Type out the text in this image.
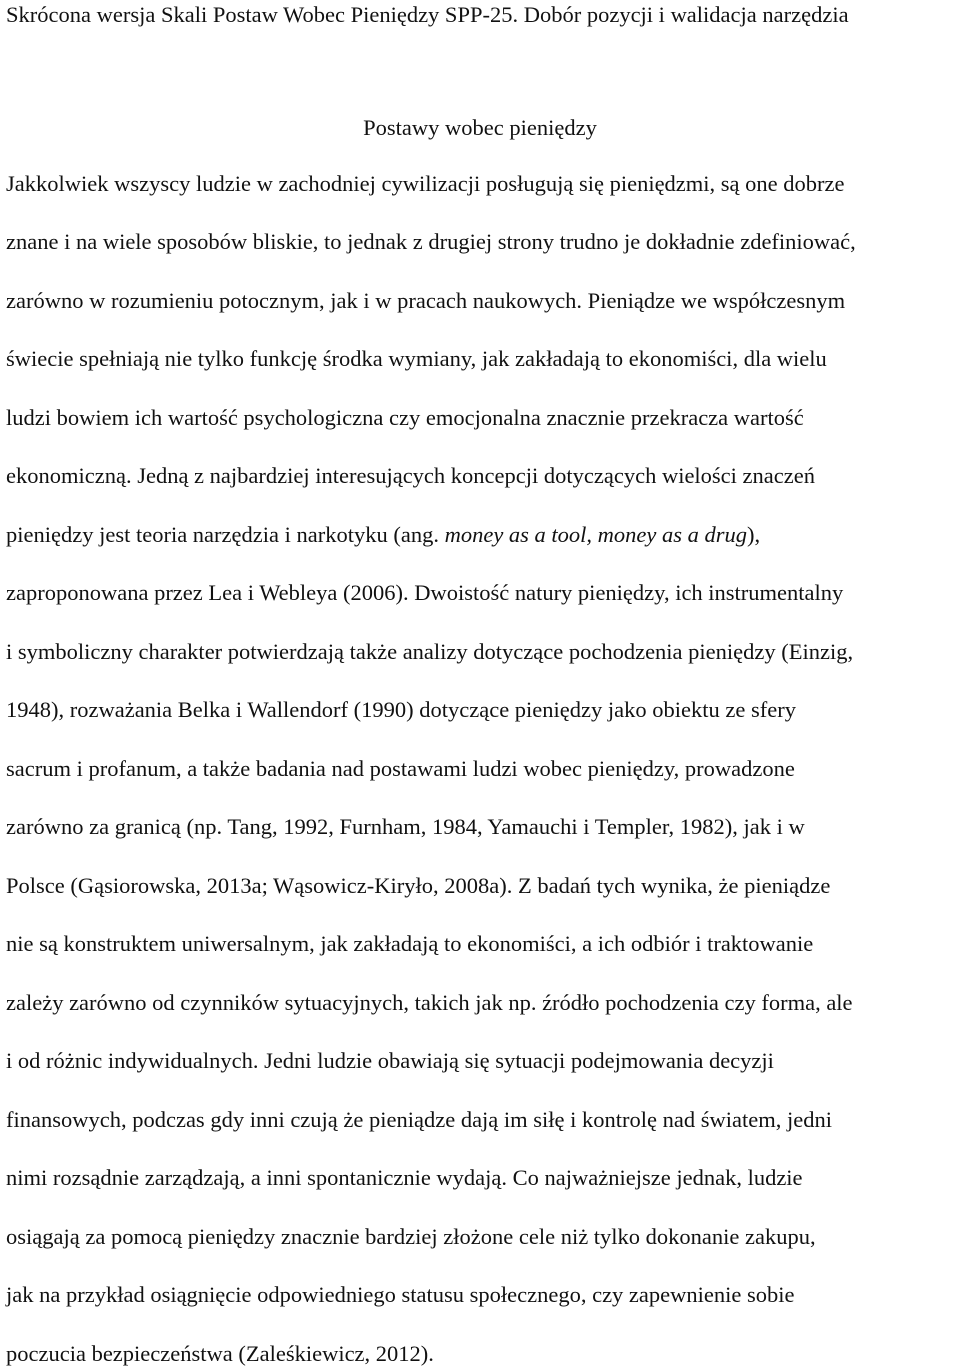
Skrócona wersja Skali Postaw Wobec Pieniędzy SPP-25. Dobór pozycji i walidacja narzędzia
Postawy wobec pieniędzy
Jakkolwiek wszyscy ludzie w zachodniej cywilizacji posługują się pieniędzmi, są one dobrze
znane i na wiele sposobów bliskie, to jednak z drugiej strony trudno je dokładnie zdefiniować,
zarówno w rozumieniu potocznym, jak i w pracach naukowych. Pieniądze we współczesnym
świecie spełniają nie tylko funkcję środka wymiany, jak zakładają to ekonomiści, dla wielu
ludzi bowiem ich wartość psychologiczna czy emocjonalna znacznie przekracza wartość
ekonomiczną. Jedną z najbardziej interesujących koncepcji dotyczących wielości znaczeń
pieniędzy jest teoria narzędzia i narkotyku (ang. money as a tool, money as a drug),
zaproponowana przez Lea i Webleya (2006). Dwoistość natury pieniędzy, ich instrumentalny
i symboliczny charakter potwierdzają także analizy dotyczące pochodzenia pieniędzy (Einzig,
1948), rozważania Belka i Wallendorf (1990) dotyczące pieniędzy jako obiektu ze sfery
sacrum i profanum, a także badania nad postawami ludzi wobec pieniędzy, prowadzone
zarówno za granicą (np. Tang, 1992, Furnham, 1984, Yamauchi i Templer, 1982), jak i w
Polsce (Gąsiorowska, 2013a; Wąsowicz-Kiryło, 2008a). Z badań tych wynika, że pieniądze
nie są konstruktem uniwersalnym, jak zakładają to ekonomiści, a ich odbiór i traktowanie
zależy zarówno od czynników sytuacyjnych, takich jak np. źródło pochodzenia czy forma, ale
i od różnic indywidualnych. Jedni ludzie obawiają się sytuacji podejmowania decyzji
finansowych, podczas gdy inni czują że pieniądze dają im siłę i kontrolę nad światem, jedni
nimi rozsądnie zarządzają, a inni spontanicznie wydają. Co najważniejsze jednak, ludzie
osiągają za pomocą pieniędzy znacznie bardziej złożone cele niż tylko dokonanie zakupu,
jak na przykład osiągnięcie odpowiedniego statusu społecznego, czy zapewnienie sobie
poczucia bezpieczeństwa (Zaleśkiewicz, 2012).
